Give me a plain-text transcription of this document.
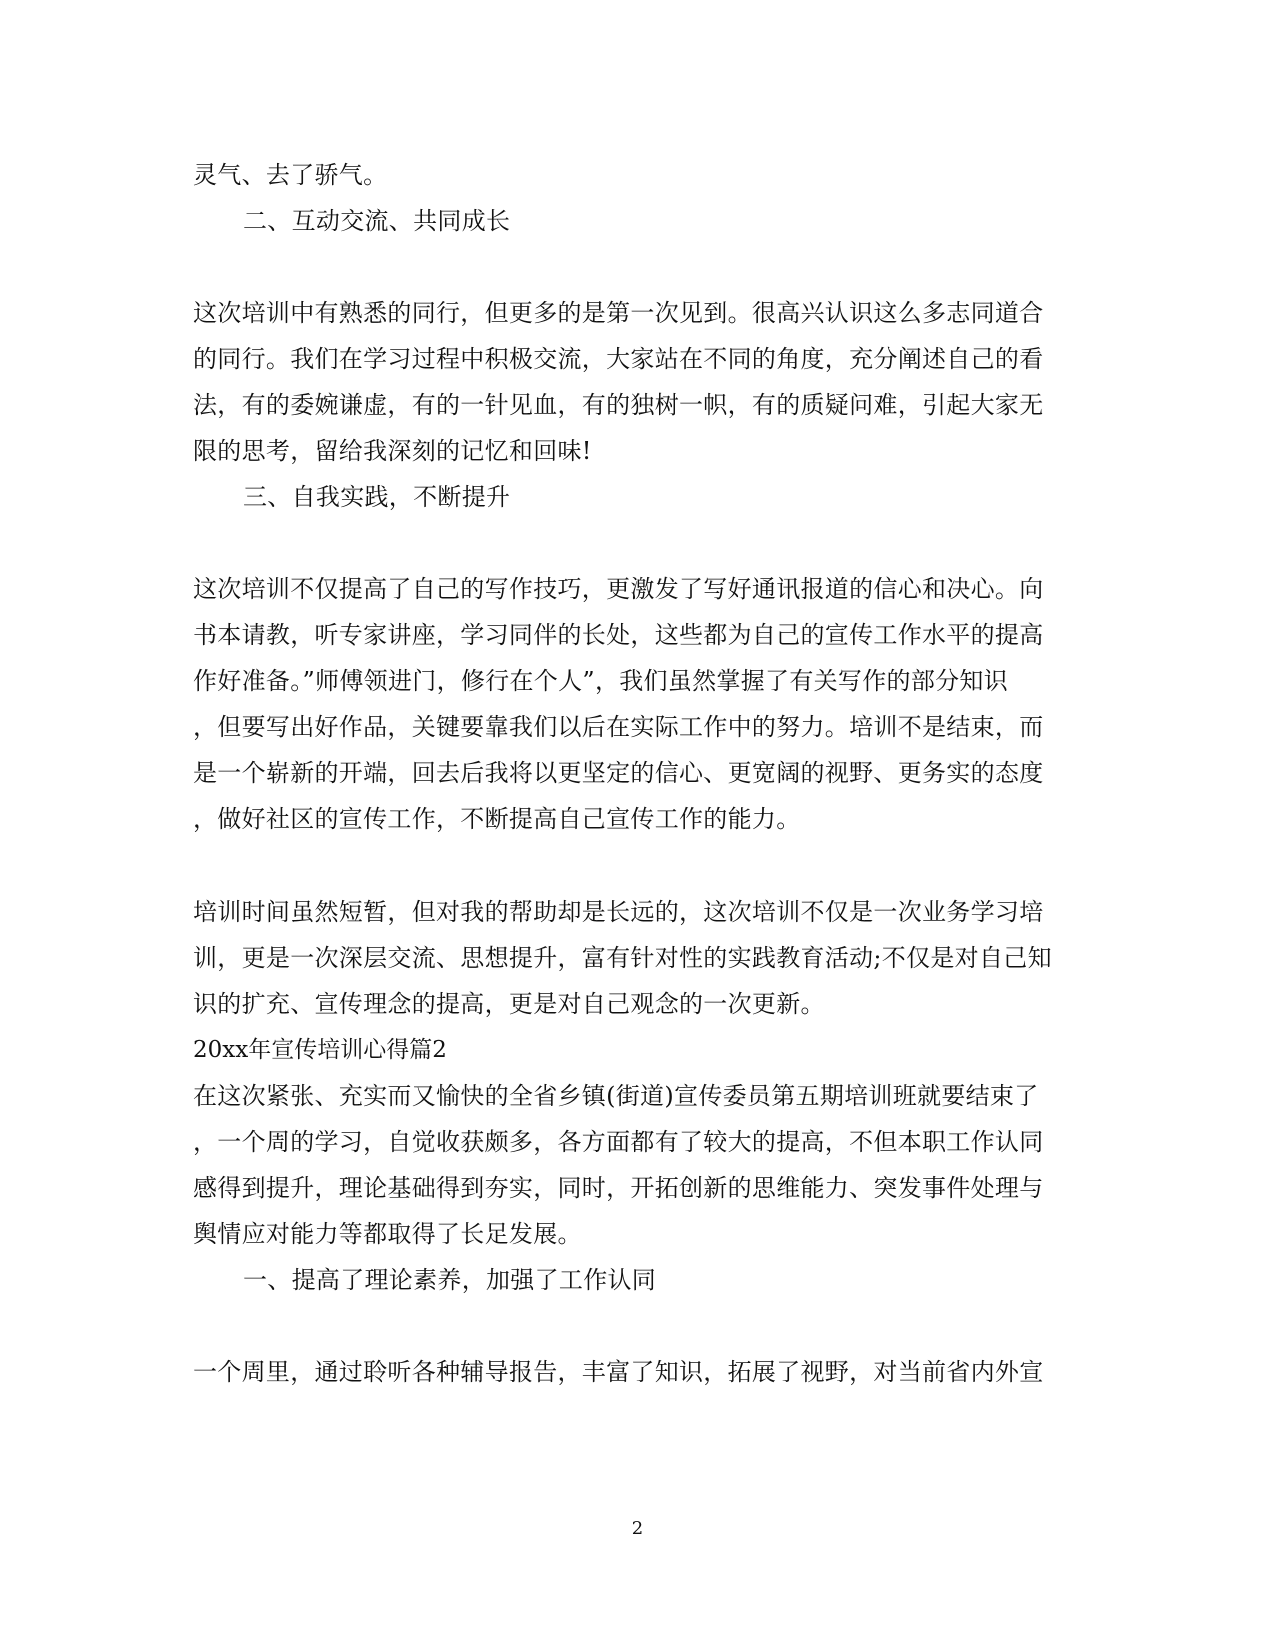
灵气、去了骄气。
二、互动交流、共同成长
这次培训中有熟悉的同行，但更多的是第一次见到。很高兴认识这么多志同道合
的同行。我们在学习过程中积极交流，大家站在不同的角度，充分阐述自己的看
法，有的委婉谦虚，有的一针见血，有的独树一帜，有的质疑问难，引起大家无
限的思考，留给我深刻的记忆和回味!
三、自我实践，不断提升
这次培训不仅提高了自己的写作技巧，更激发了写好通讯报道的信心和决心。向
书本请教，听专家讲座，学习同伴的长处，这些都为自己的宣传工作水平的提高
作好准备。”师傅领进门，修行在个人”，我们虽然掌握了有关写作的部分知识
，但要写出好作品，关键要靠我们以后在实际工作中的努力。培训不是结束，而
是一个崭新的开端，回去后我将以更坚定的信心、更宽阔的视野、更务实的态度
，做好社区的宣传工作，不断提高自己宣传工作的能力。
培训时间虽然短暂，但对我的帮助却是长远的，这次培训不仅是一次业务学习培
训，更是一次深层交流、思想提升，富有针对性的实践教育活动;不仅是对自己知
识的扩充、宣传理念的提高，更是对自己观念的一次更新。
20xx年宣传培训心得篇2
在这次紧张、充实而又愉快的全省乡镇(街道)宣传委员第五期培训班就要结束了
，一个周的学习，自觉收获颇多，各方面都有了较大的提高，不但本职工作认同
感得到提升，理论基础得到夯实，同时，开拓创新的思维能力、突发事件处理与
舆情应对能力等都取得了长足发展。
一、提高了理论素养，加强了工作认同
一个周里，通过聆听各种辅导报告，丰富了知识，拓展了视野，对当前省内外宣
2
